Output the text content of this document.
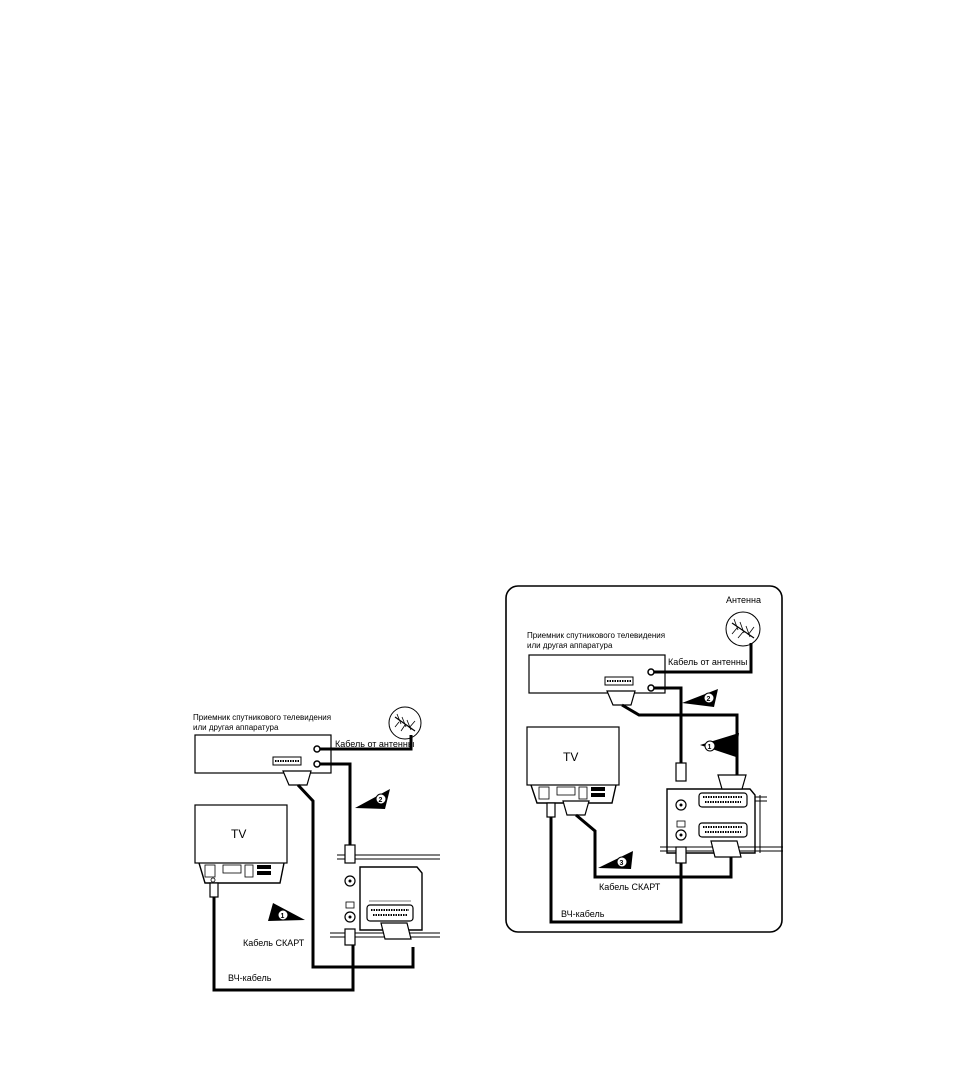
Приемник спутникового телевидения
или другая аппаратура
Кабель от антенны
TV
2
1
Кабель СКАРТ
ВЧ-кабель
Антенна
Приемник спутникового телевидения
или другая аппаратура
Кабель от антенны
2
1
TV
3
Кабель СКАРТ
ВЧ-кабель
